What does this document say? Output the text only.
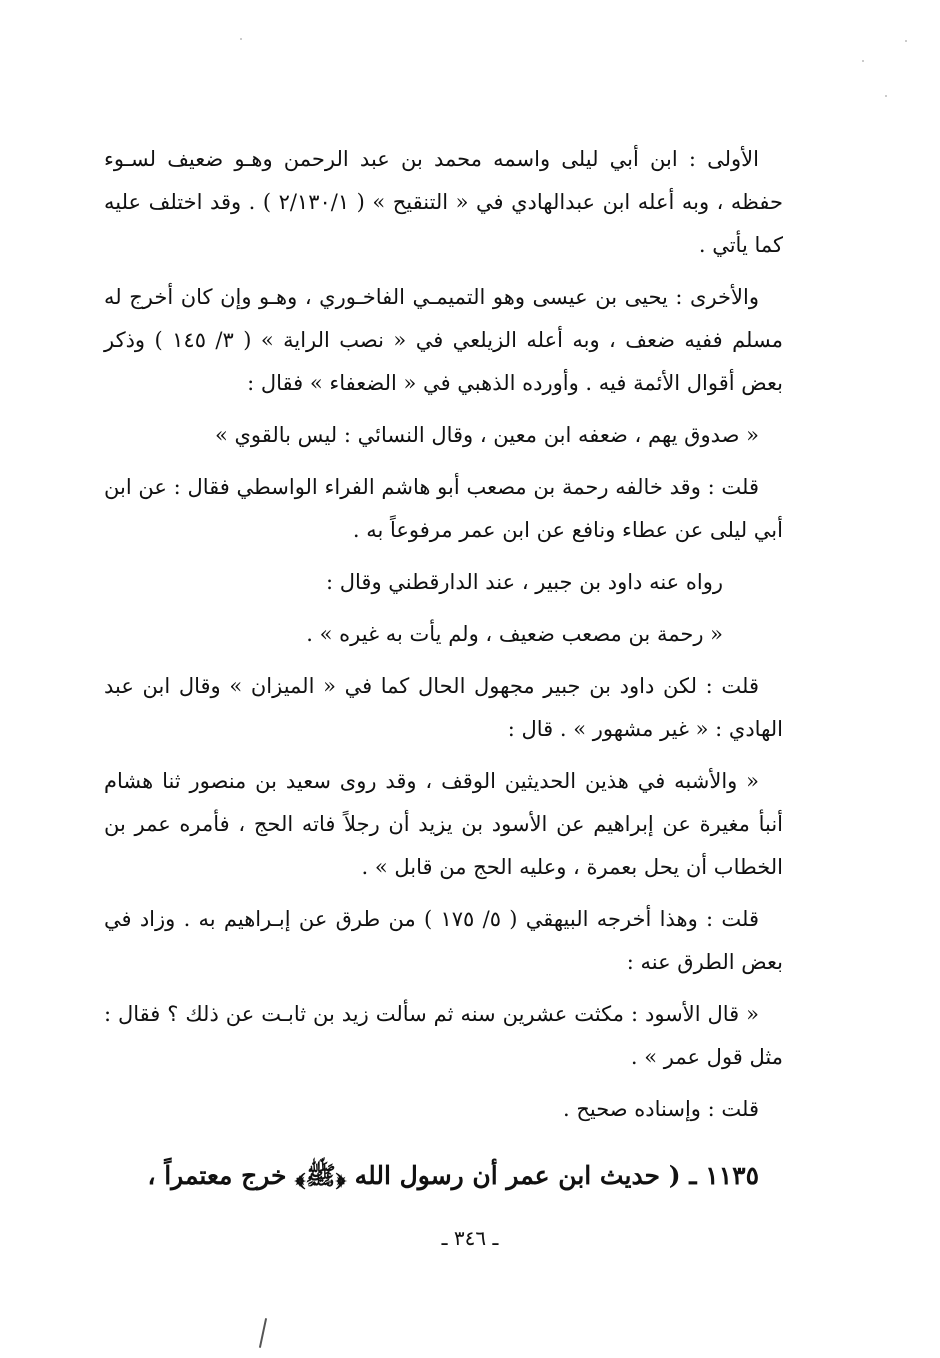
الأولى : ابن أبي ليلى واسمه محمد بن عبد الرحمن وهـو ضعيف لسـوء حفظه ، وبه أعله ابن عبدالهادي في « التنقيح » ( ٢/١٣٠/١ ) . وقد اختلف عليه كما يأتي .

والأخرى : يحيى بن عيسى وهو التميمـي الفاخـوري ، وهـو وإن كان أخرج له مسلم ففيه ضعف ، وبه أعله الزيلعي في « نصب الراية » ( ٣/ ١٤٥ ) وذكر بعض أقوال الأئمة فيه . وأورده الذهبي في « الضعفاء » فقال :

« صدوق يهم ، ضعفه ابن معين ، وقال النسائي : ليس بالقوي »

قلت : وقد خالفه رحمة بن مصعب أبو هاشم الفراء الواسطي فقال : عن ابن أبي ليلى عن عطاء ونافع عن ابن عمر مرفوعاً به .

رواه عنه داود بن جبير ، عند الدارقطني وقال :

« رحمة بن مصعب ضعيف ، ولم يأت به غيره » .

قلت : لكن داود بن جبير مجهول الحال كما في « الميزان » وقال ابن عبد الهادي : « غير مشهور » . قال :

« والأشبه في هذين الحديثين الوقف ، وقد روى سعيد بن منصور ثنا هشام أنبأ مغيرة عن إبراهيم عن الأسود بن يزيد أن رجلاً فاته الحج ، فأمره عمر بن الخطاب أن يحل بعمرة ، وعليه الحج من قابل » .

قلت : وهذا أخرجه البيهقي ( ٥/ ١٧٥ ) من طرق عن إبـراهيم به . وزاد في بعض الطرق عنه :

« قال الأسود : مكثت عشرين سنه ثم سألت زيد بن ثابـت عن ذلك ؟ فقال : مثل قول عمر » .

قلت : وإسناده صحيح .

١١٣٥ ـ ( حديث ابن عمر أن رسول الله ﴿ﷺ﴾ خرج معتمراً ،
ـ ٣٤٦ ـ
